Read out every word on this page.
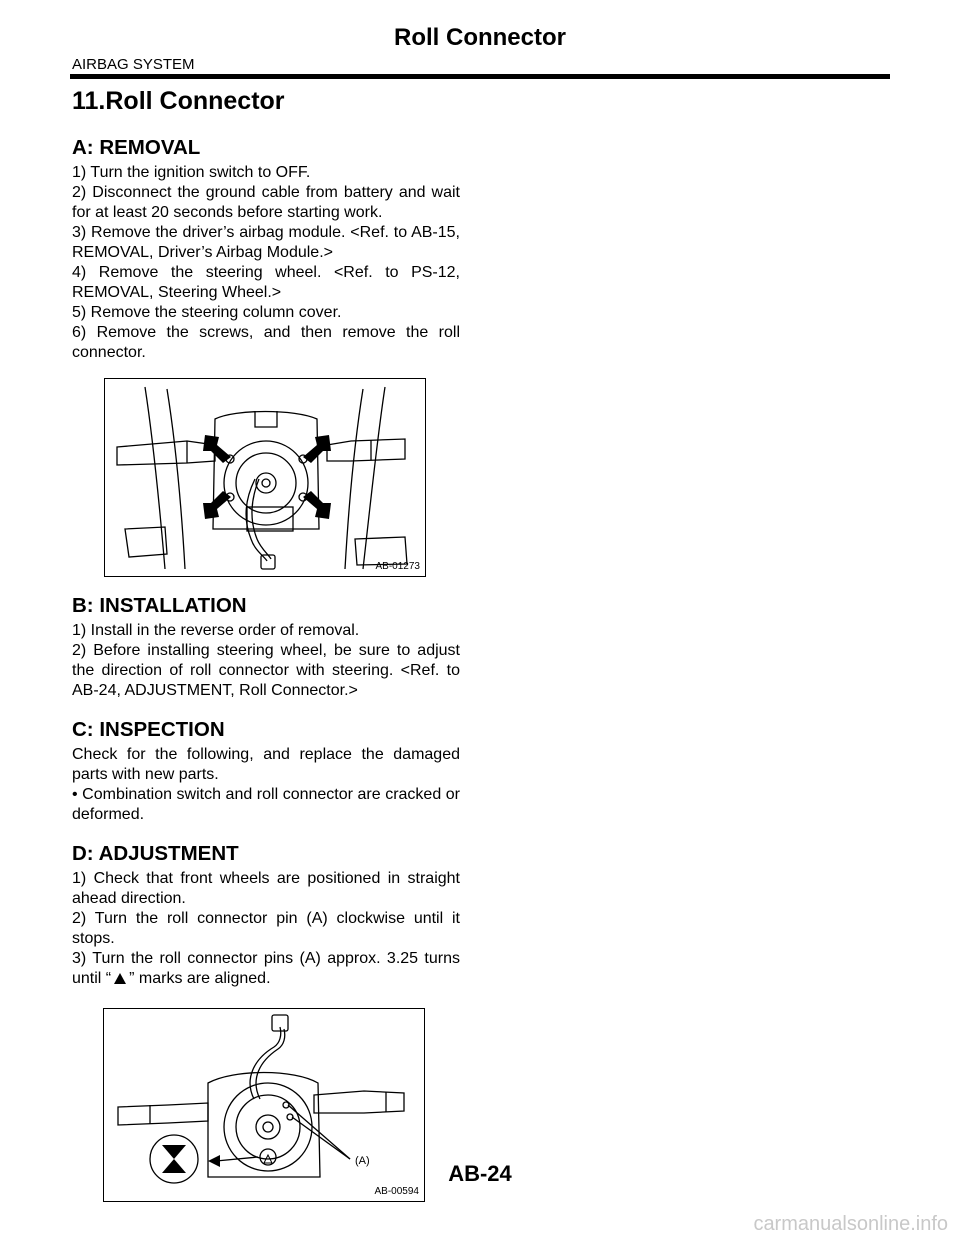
Roll Connector
AIRBAG SYSTEM
11.Roll Connector
A: REMOVAL

1) Turn the ignition switch to OFF.

2) Disconnect the ground cable from battery and wait for at least 20 seconds before starting work.

3) Remove the driver’s airbag module. <Ref. to AB-15, REMOVAL, Driver’s Airbag Module.>

4) Remove the steering wheel. <Ref. to PS-12, REMOVAL, Steering Wheel.>

5) Remove the steering column cover.

6) Remove the screws, and then remove the roll connector.

AB-01273
B: INSTALLATION

1) Install in the reverse order of removal.

2) Before installing steering wheel, be sure to adjust the direction of roll connector with steering. <Ref. to AB-24, ADJUSTMENT, Roll Connector.>

C: INSPECTION

Check for the following, and replace the damaged parts with new parts.

• Combination switch and roll connector are cracked or deformed.

D: ADJUSTMENT

1) Check that front wheels are positioned in straight ahead direction.

2) Turn the roll connector pin (A) clockwise until it stops.

3) Turn the roll connector pins (A) approx. 3.25 turns until “ ” marks are aligned.

(A)
AB-00594
AB-24
carmanualsonline.info
